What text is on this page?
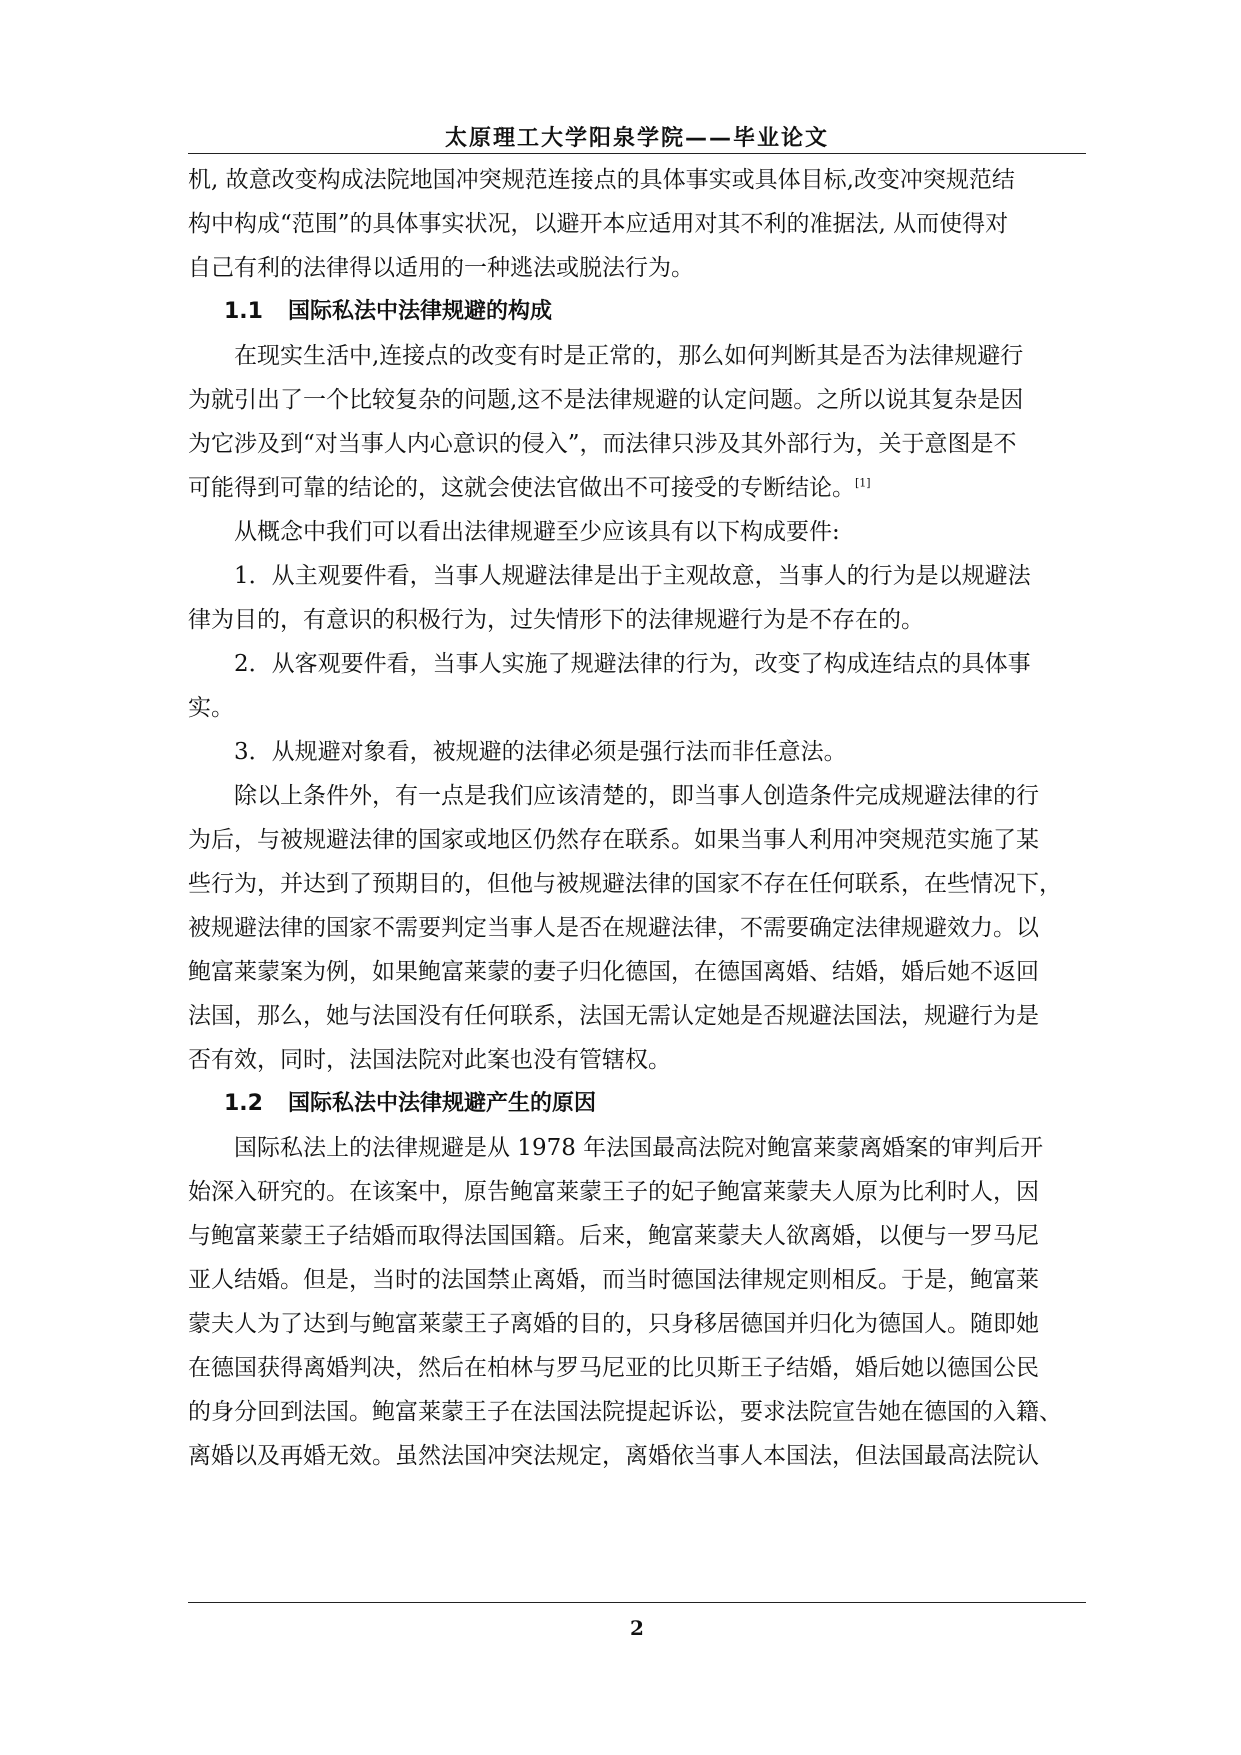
太原理工大学阳泉学院——毕业论文
机, 故意改变构成法院地国冲突规范连接点的具体事实或具体目标,改变冲突规范结
构中构成“范围”的具体事实状况，以避开本应适用对其不利的准据法, 从而使得对
自己有利的法律得以适用的一种逃法或脱法行为。
1.1 国际私法中法律规避的构成
在现实生活中,连接点的改变有时是正常的，那么如何判断其是否为法律规避行
为就引出了一个比较复杂的问题,这不是法律规避的认定问题。之所以说其复杂是因
为它涉及到“对当事人内心意识的侵入”，而法律只涉及其外部行为，关于意图是不
可能得到可靠的结论的，这就会使法官做出不可接受的专断结论。[1]
从概念中我们可以看出法律规避至少应该具有以下构成要件:
1．从主观要件看，当事人规避法律是出于主观故意，当事人的行为是以规避法
律为目的，有意识的积极行为，过失情形下的法律规避行为是不存在的。
2．从客观要件看，当事人实施了规避法律的行为，改变了构成连结点的具体事
实。
3．从规避对象看，被规避的法律必须是强行法而非任意法。
除以上条件外，有一点是我们应该清楚的，即当事人创造条件完成规避法律的行
为后，与被规避法律的国家或地区仍然存在联系。如果当事人利用冲突规范实施了某
些行为，并达到了预期目的，但他与被规避法律的国家不存在任何联系，在些情况下，
被规避法律的国家不需要判定当事人是否在规避法律，不需要确定法律规避效力。以
鲍富莱蒙案为例，如果鲍富莱蒙的妻子归化德国，在德国离婚、结婚，婚后她不返回
法国，那么，她与法国没有任何联系，法国无需认定她是否规避法国法，规避行为是
否有效，同时，法国法院对此案也没有管辖权。
1.2 国际私法中法律规避产生的原因
国际私法上的法律规避是从 1978 年法国最高法院对鲍富莱蒙离婚案的审判后开
始深入研究的。在该案中，原告鲍富莱蒙王子的妃子鲍富莱蒙夫人原为比利时人，因
与鲍富莱蒙王子结婚而取得法国国籍。后来，鲍富莱蒙夫人欲离婚，以便与一罗马尼
亚人结婚。但是，当时的法国禁止离婚，而当时德国法律规定则相反。于是，鲍富莱
蒙夫人为了达到与鲍富莱蒙王子离婚的目的，只身移居德国并归化为德国人。随即她
在德国获得离婚判决，然后在柏林与罗马尼亚的比贝斯王子结婚，婚后她以德国公民
的身分回到法国。鲍富莱蒙王子在法国法院提起诉讼，要求法院宣告她在德国的入籍、
离婚以及再婚无效。虽然法国冲突法规定，离婚依当事人本国法，但法国最高法院认
2
